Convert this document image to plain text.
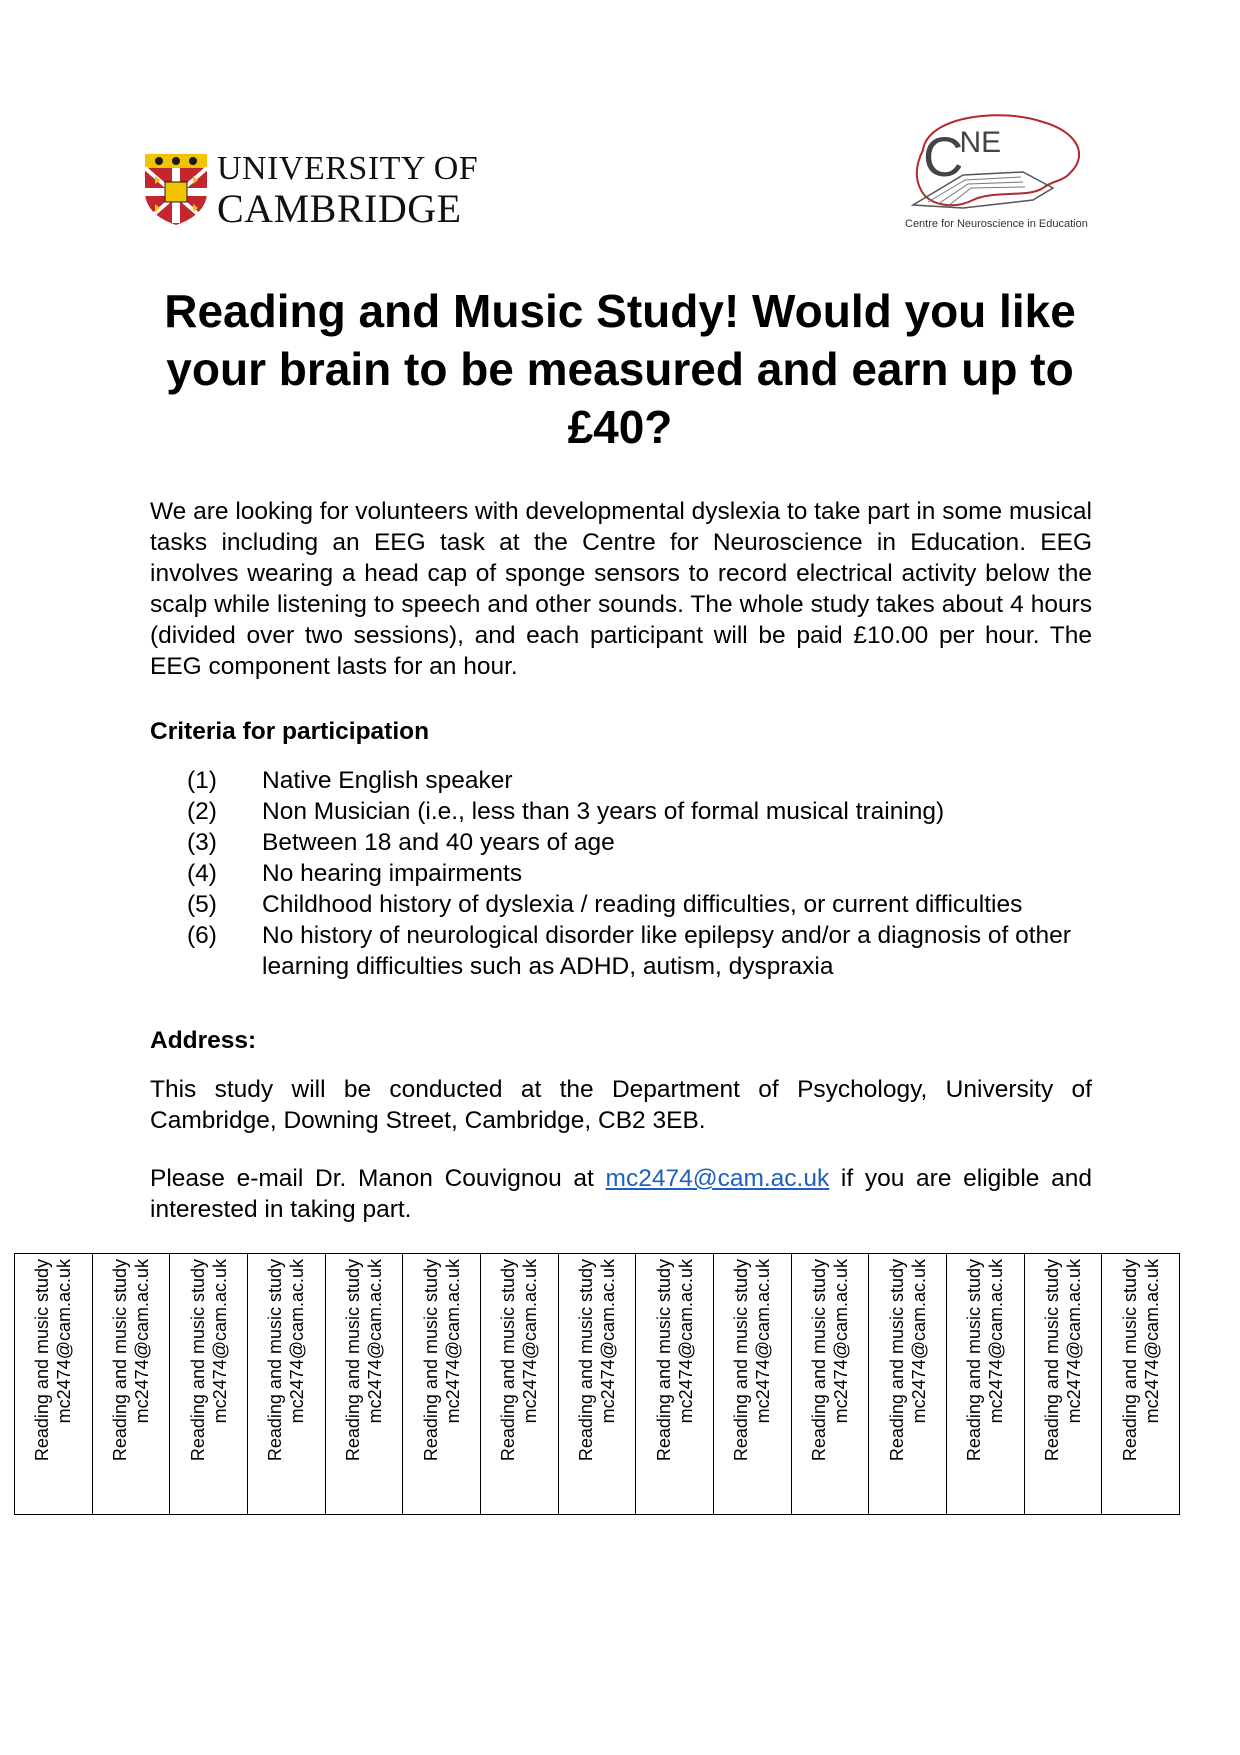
UNIVERSITY OF
CAMBRIDGE
CNE
Centre for Neuroscience in Education
Reading and Music Study! Would you like your brain to be measured and earn up to £40?
We are looking for volunteers with developmental dyslexia to take part in some musical tasks including an EEG task at the Centre for Neuroscience in Education. EEG involves wearing a head cap of sponge sensors to record electrical activity below the scalp while listening to speech and other sounds. The whole study takes about 4 hours (divided over two sessions), and each participant will be paid £10.00 per hour. The EEG component lasts for an hour.
Criteria for participation
(1) Native English speaker
(2) Non Musician (i.e., less than 3 years of formal musical training)
(3) Between 18 and 40 years of age
(4) No hearing impairments
(5) Childhood history of dyslexia / reading difficulties, or current difficulties
(6) No history of neurological disorder like epilepsy and/or a diagnosis of other learning difficulties such as ADHD, autism, dyspraxia
Address:
This study will be conducted at the Department of Psychology, University of Cambridge, Downing Street, Cambridge, CB2 3EB.
Please e-mail Dr. Manon Couvignou at mc2474@cam.ac.uk if you are eligible and interested in taking part.
Reading and music study mc2474@cam.ac.uk Reading and music study mc2474@cam.ac.uk Reading and music study mc2474@cam.ac.uk Reading and music study mc2474@cam.ac.uk Reading and music study mc2474@cam.ac.uk Reading and music study mc2474@cam.ac.uk Reading and music study mc2474@cam.ac.uk Reading and music study mc2474@cam.ac.uk Reading and music study mc2474@cam.ac.uk Reading and music study mc2474@cam.ac.uk Reading and music study mc2474@cam.ac.uk Reading and music study mc2474@cam.ac.uk Reading and music study mc2474@cam.ac.uk Reading and music study mc2474@cam.ac.uk Reading and music study mc2474@cam.ac.uk
